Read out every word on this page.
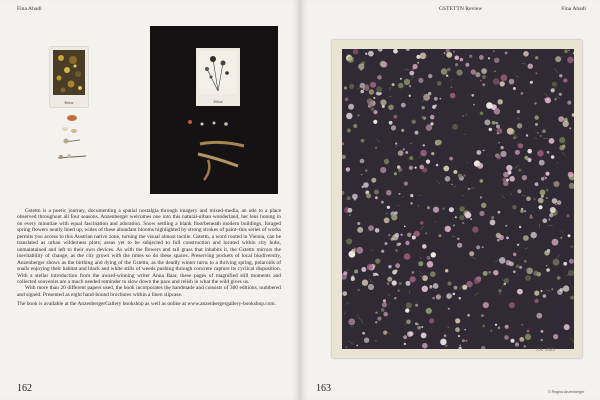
Fina Ahadi
Sietse	Sietse

Gstettn is a poetic journey, documenting a spatial nostalgia through imagery and mixed-media, an ode to a place observed throughout all four seasons. Anzenberger welcomes one into this natural-urban wonderland, her lens honing in on every minutiae with equal fascination and adoration. Snow settling a blank floorbeneath modern buildings, foraged spring flowers neatly lined up, wides of these abundant blooms highlighted by strong strokes of paint–this series of works permits you access to this Austrian native zone, turning the visual almost tactile. Gstettn, a word rooted in Vienna, can be translated as urban wilderness plots; areas yet to be subjected to full construction and located within city hubs, unmaintained and left to their own devices. As with the flowers and tall grass that inhabits it, the Gstettn mirrors the inevitability of change, as the city grows with the times so do these spaces. Preserving pockets of local biodiversity, Anzenberger shows as the birthing and dying of the Gstettn, as the deadly winter turns to a thriving spring, polaroids of snails enjoying their habitat and black and white stills of weeds pushing through concrete capture its cyclical disposition. With a stellar introduction from the award-winning writer Anna Baar, these pages of magnified still moments and collected souvenirs are a much needed reminder to slow down the pace and relish in what the wild gives us.

With more than 20 different papers used, the book incorporates the handmade and consists of 300 editions, numbered and signed. Presented as eight hand-bound brochures within a linen slipcase.

The book is available at the AnzenbergerGallery bookshop as well as online at www.anzenbergergallery-bookshop.com.

162
GSTETTN Review	Fina Ahadi
163
J.A. 2023
© Regina Anzenberger
